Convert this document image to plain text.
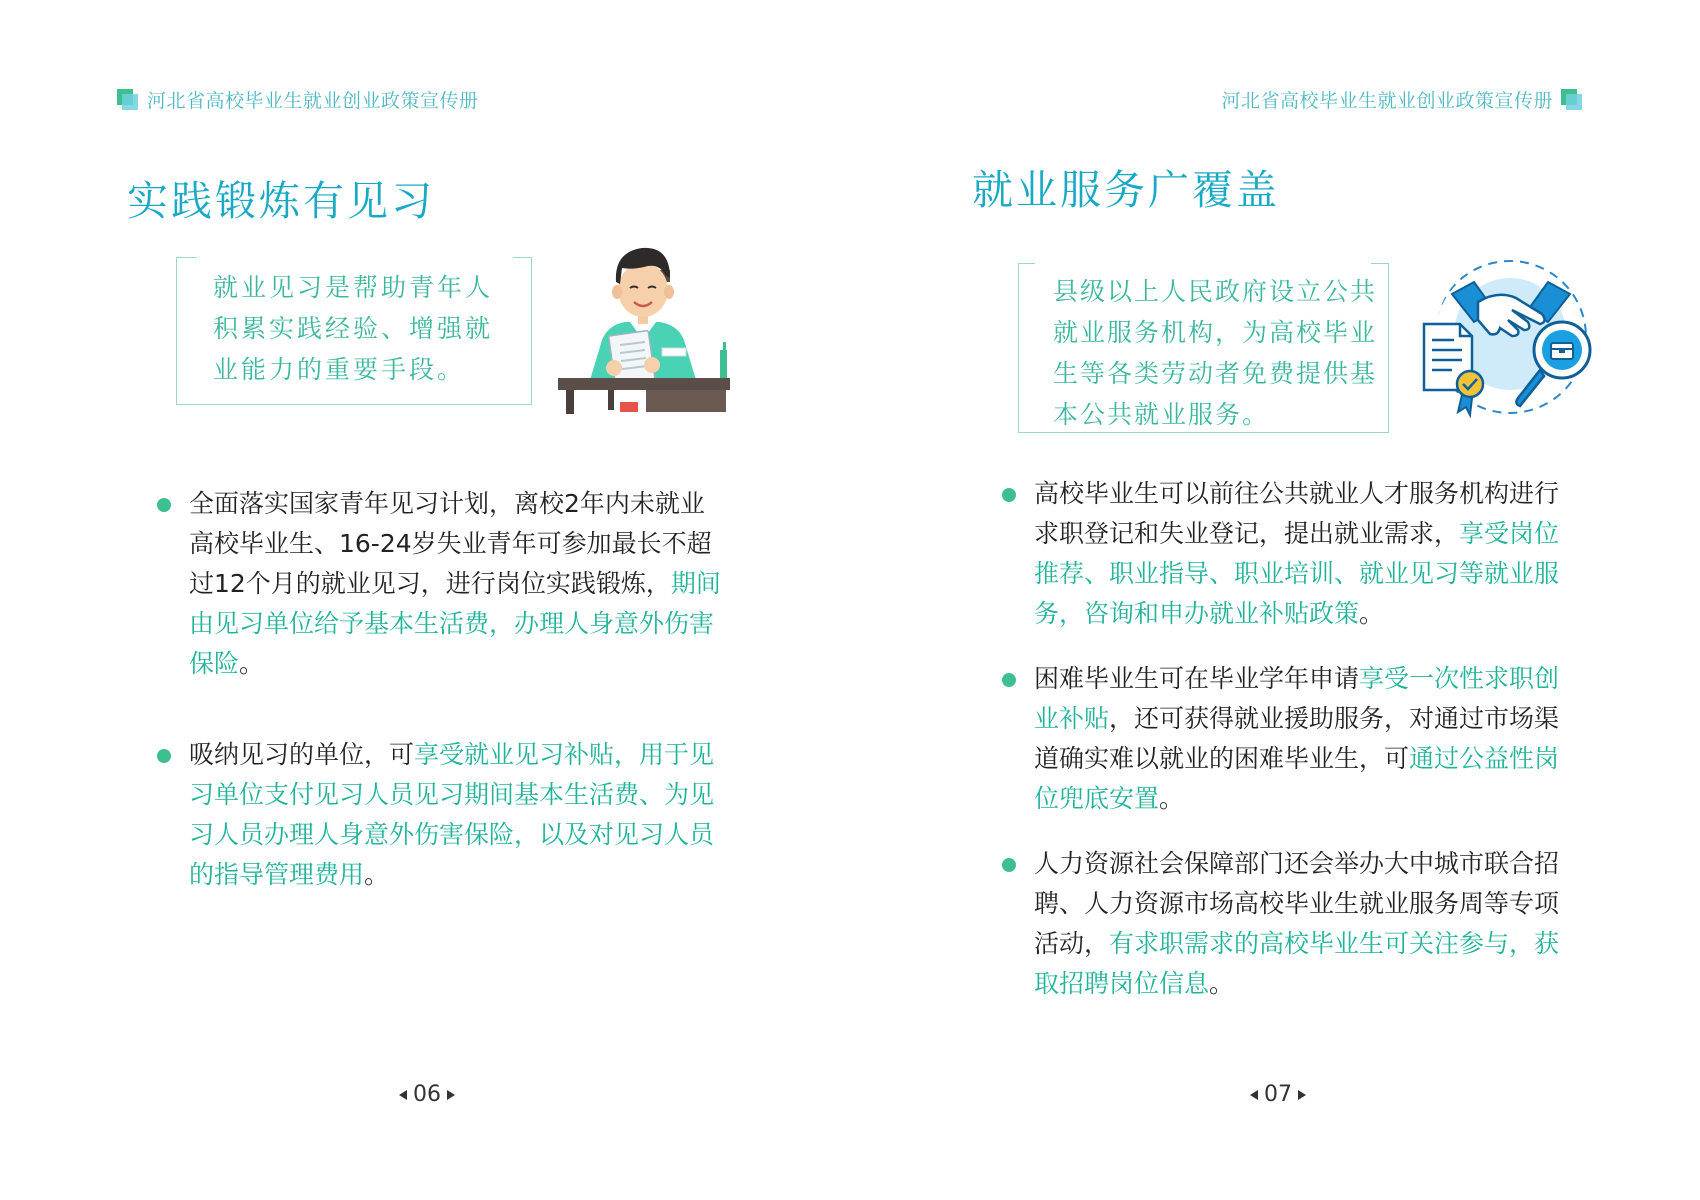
河北省高校毕业生就业创业政策宣传册
实践锻炼有见习

就业见习是帮助青年人积累实践经验、增强就业能力的重要手段。

全面落实国家青年见习计划，离校2年内未就业高校毕业生、16-24岁失业青年可参加最长不超过12个月的就业见习，进行岗位实践锻炼，期间由见习单位给予基本生活费，办理人身意外伤害保险。
吸纳见习的单位，可享受就业见习补贴，用于见习单位支付见习人员见习期间基本生活费、为见习人员办理人身意外伤害保险，以及对见习人员的指导管理费用。
06
河北省高校毕业生就业创业政策宣传册
就业服务广覆盖

县级以上人民政府设立公共就业服务机构，为高校毕业生等各类劳动者免费提供基本公共就业服务。

高校毕业生可以前往公共就业人才服务机构进行求职登记和失业登记，提出就业需求，享受岗位推荐、职业指导、职业培训、就业见习等就业服务，咨询和申办就业补贴政策。
困难毕业生可在毕业学年申请享受一次性求职创业补贴，还可获得就业援助服务，对通过市场渠道确实难以就业的困难毕业生，可通过公益性岗位兜底安置。
人力资源社会保障部门还会举办大中城市联合招聘、人力资源市场高校毕业生就业服务周等专项活动，有求职需求的高校毕业生可关注参与，获取招聘岗位信息。
07
